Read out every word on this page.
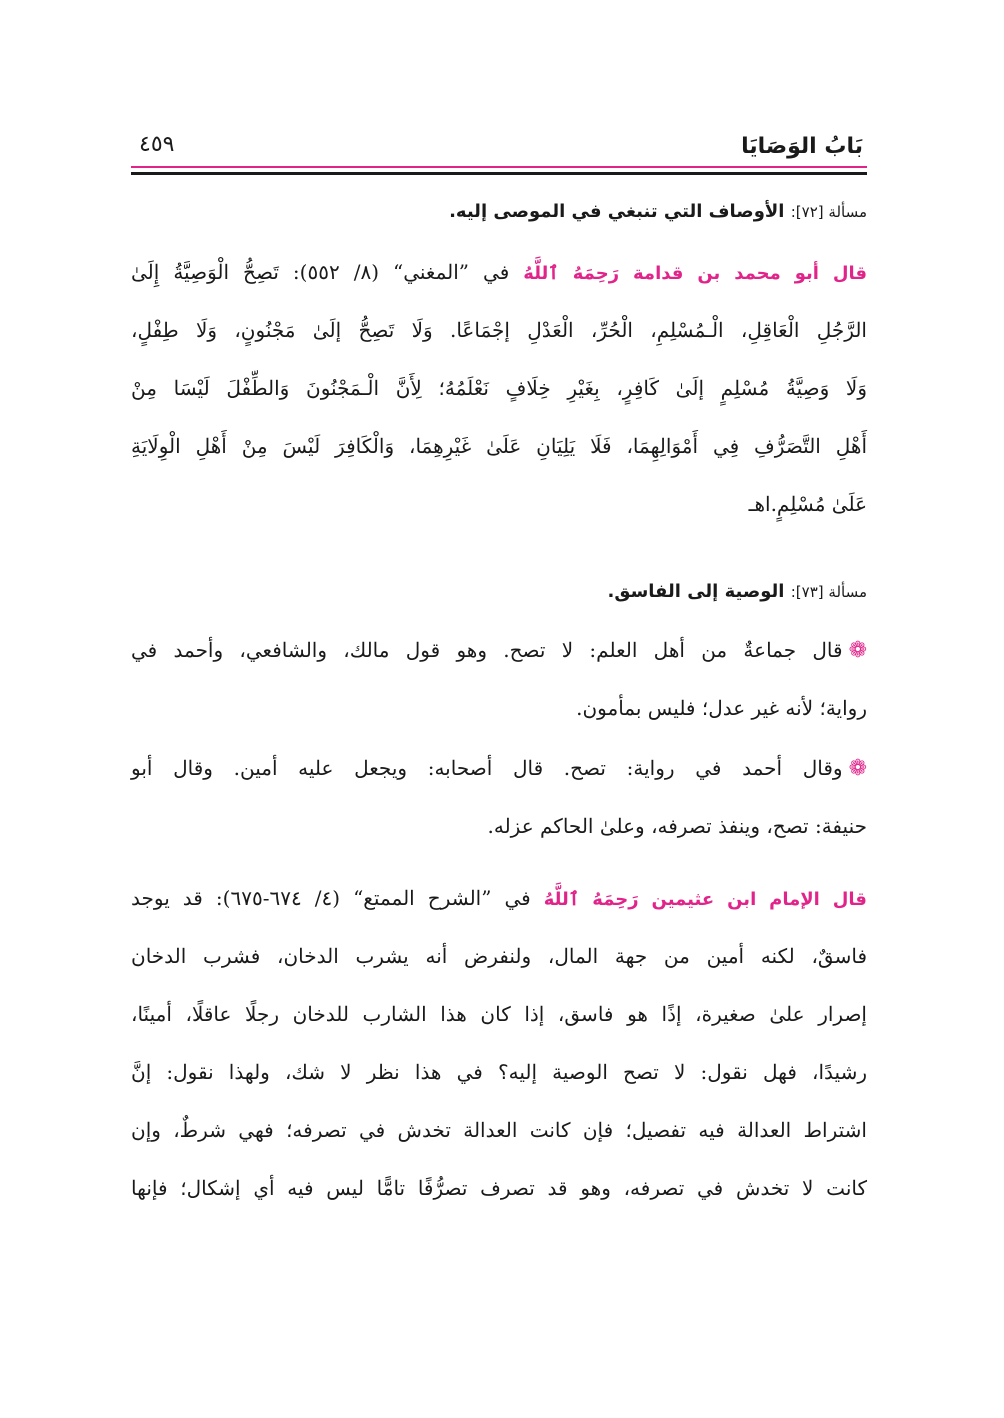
بَابُ الوَصَايَا
٤٥٩
مسألة [٧٢]: الأوصاف التي تنبغي في الموصى إليه.
قال أبو محمد بن قدامة رَحِمَهُ ٱللَّهُ في ”المغني“ (٨/ ٥٥٢): تَصِحُّ الْوَصِيَّةُ إِلَىٰ
الرَّجُلِ الْعَاقِلِ، الْـمُسْلِمِ، الْحُرِّ، الْعَدْلِ إجْمَاعًا. وَلَا تَصِحُّ إلَىٰ مَجْنُونٍ، وَلَا طِفْلٍ،
وَلَا وَصِيَّةُ مُسْلِمٍ إلَىٰ كَافِرٍ، بِغَيْرِ خِلَافٍ نَعْلَمُهُ؛ لِأَنَّ الْـمَجْنُونَ وَالطِّفْلَ لَيْسَا مِنْ
أَهْلِ التَّصَرُّفِ فِي أَمْوَالِهِمَا، فَلَا يَلِيَانِ عَلَىٰ غَيْرِهِمَا، وَالْكَافِرَ لَيْسَ مِنْ أَهْلِ الْوِلَايَةِ
عَلَىٰ مُسْلِمٍ.اهـ
مسألة [٧٣]: الوصية إلى الفاسق.
❁قال جماعةٌ من أهل العلم: لا تصح. وهو قول مالك، والشافعي، وأحمد في
رواية؛ لأنه غير عدل؛ فليس بمأمون.
❁وقال أحمد في رواية: تصح. قال أصحابه: ويجعل عليه أمين. وقال أبو
حنيفة: تصح، وينفذ تصرفه، وعلىٰ الحاكم عزله.
قال الإمام ابن عثيمين رَحِمَهُ ٱللَّهُ في ”الشرح الممتع“ (٤/ ٦٧٤-٦٧٥): قد يوجد
فاسقٌ، لكنه أمين من جهة المال، ولنفرض أنه يشرب الدخان، فشرب الدخان
إصرار علىٰ صغيرة، إذًا هو فاسق، إذا كان هذا الشارب للدخان رجلًا عاقلًا، أمينًا،
رشيدًا، فهل نقول: لا تصح الوصية إليه؟ في هذا نظر لا شك، ولهذا نقول: إنَّ
اشتراط العدالة فيه تفصيل؛ فإن كانت العدالة تخدش في تصرفه؛ فهي شرطٌ، وإن
كانت لا تخدش في تصرفه، وهو قد تصرف تصرُّفًا تامًّا ليس فيه أي إشكال؛ فإنها
